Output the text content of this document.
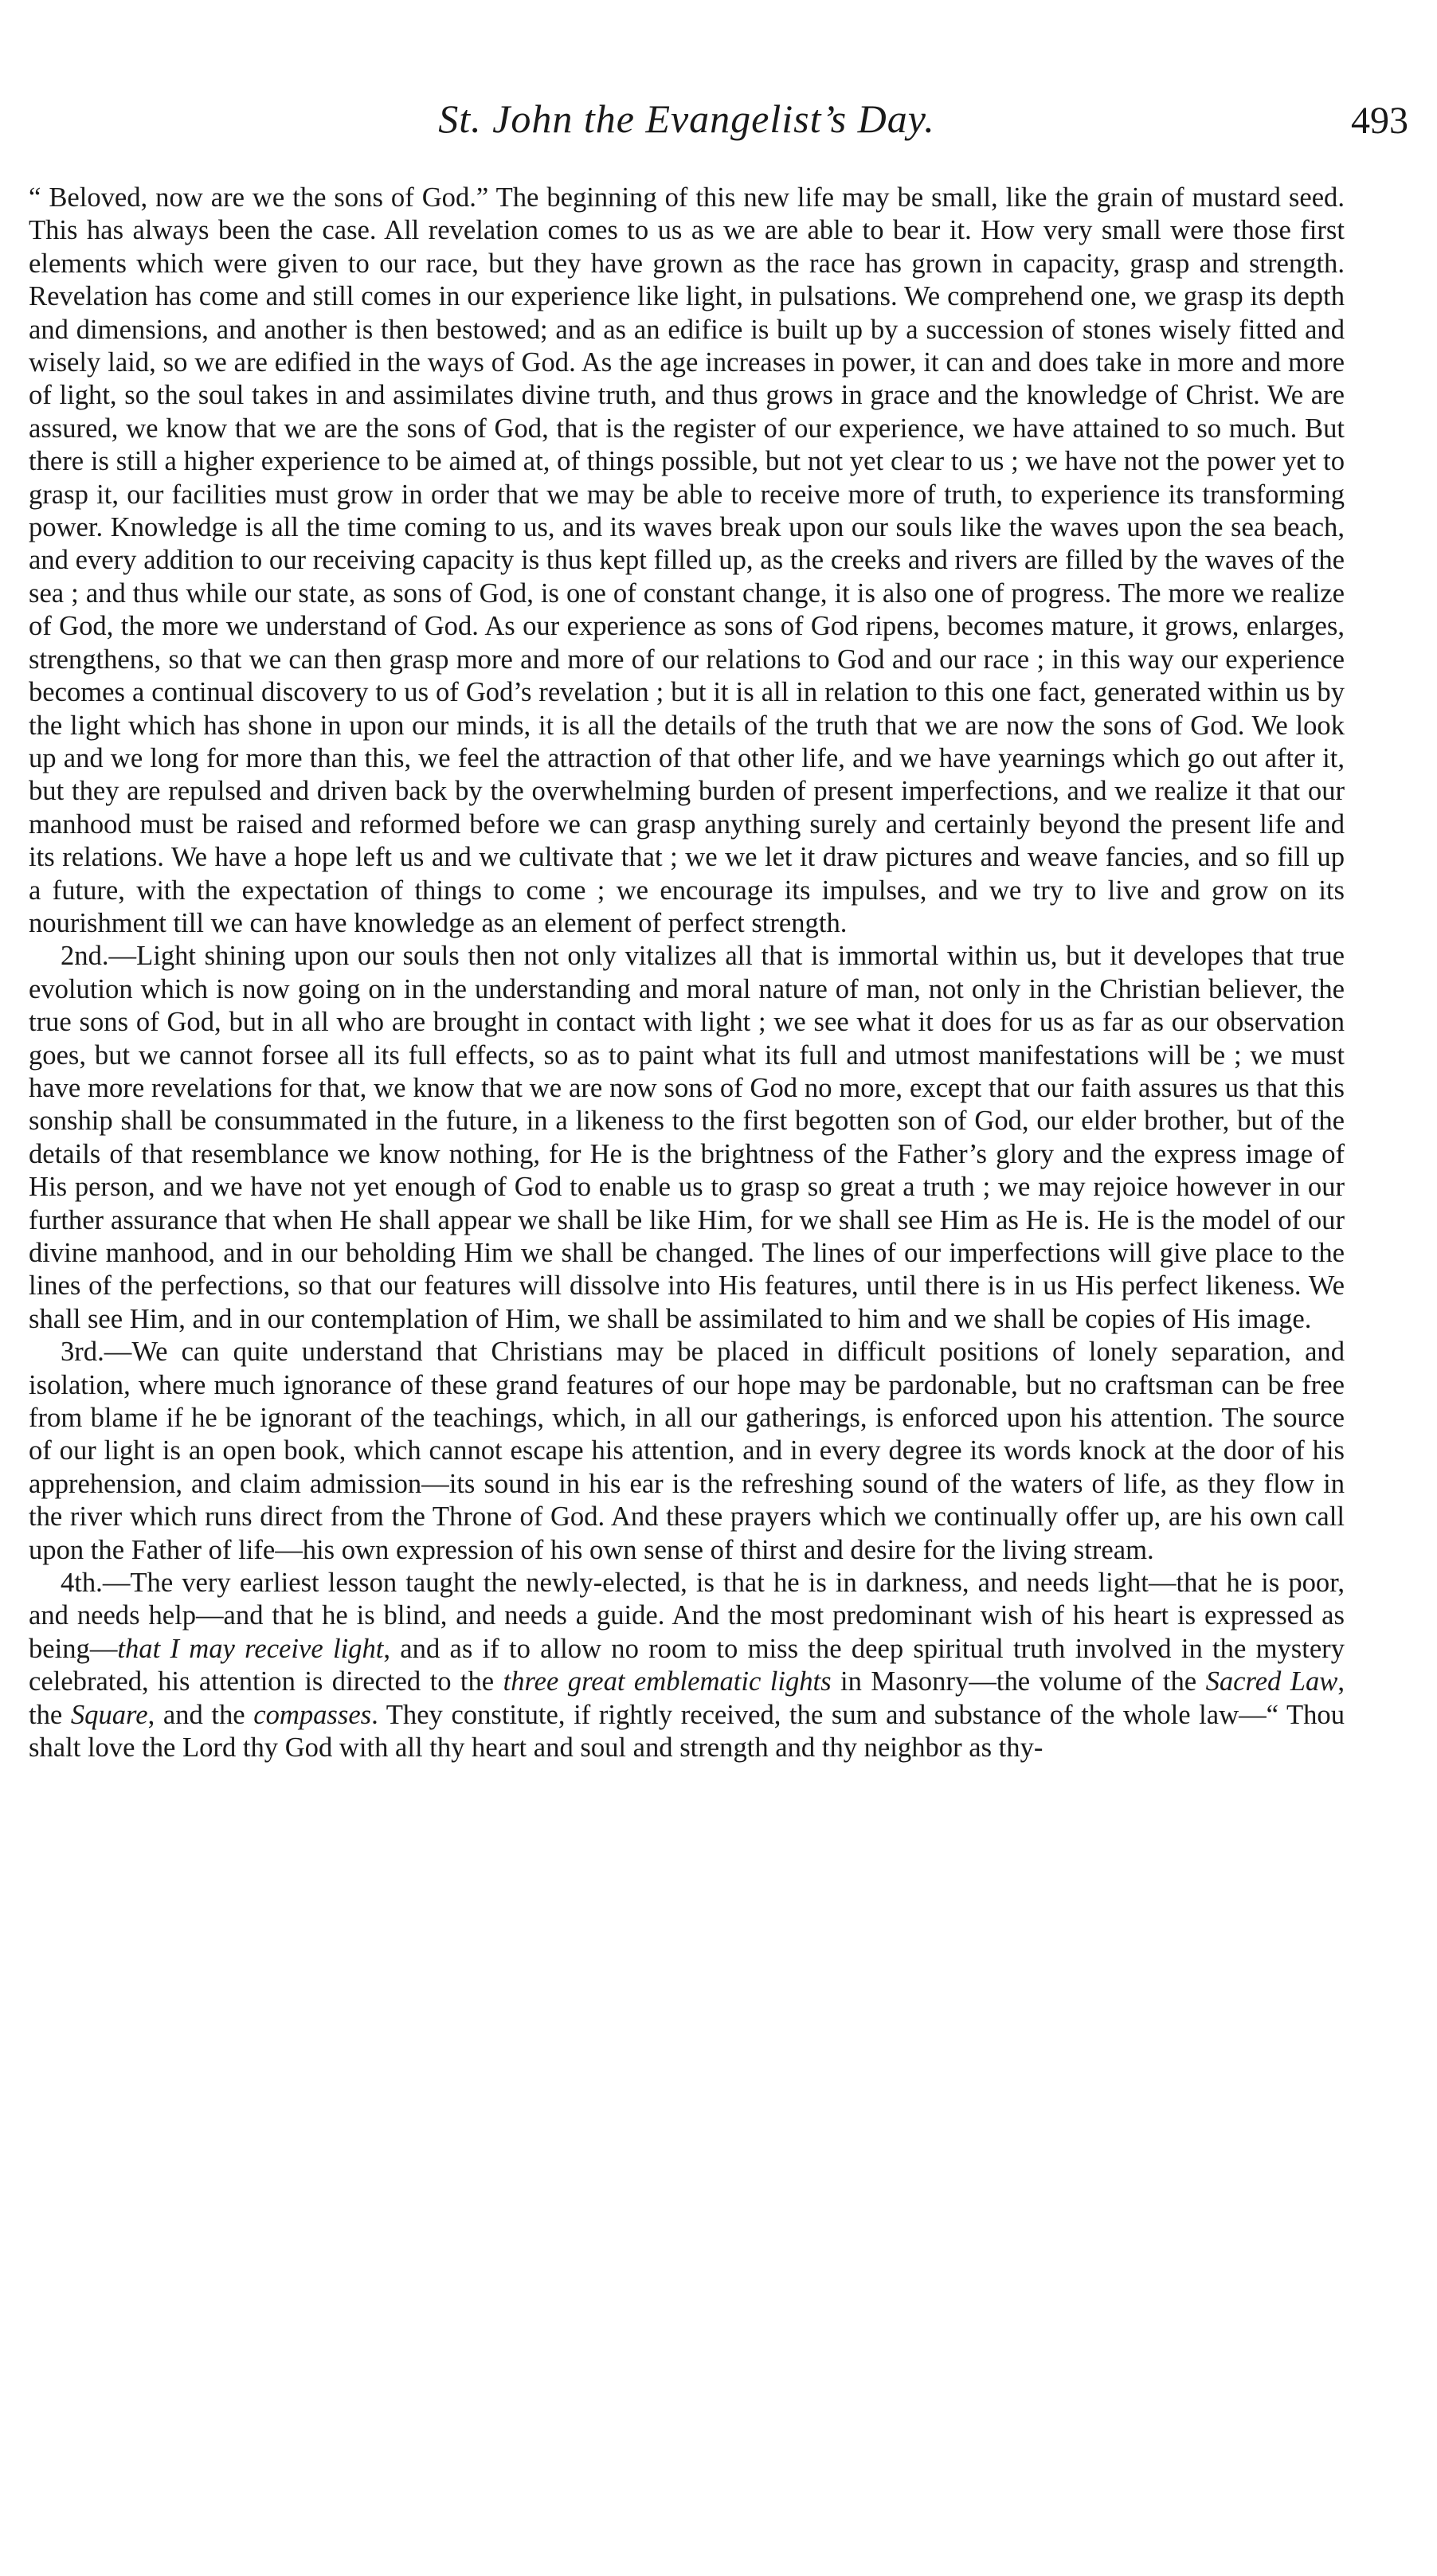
St. John the Evangelist’s Day.	493

“ Beloved, now are we the sons of God.” The beginning of this new life may be small, like the grain of mustard seed. This has always been the case. All revelation comes to us as we are able to bear it. How very small were those first elements which were given to our race, but they have grown as the race has grown in capacity, grasp and strength. Revelation has come and still comes in our experience like light, in pulsations. We comprehend one, we grasp its depth and dimensions, and another is then bestowed; and as an edifice is built up by a succession of stones wisely fitted and wisely laid, so we are edified in the ways of God. As the age increases in power, it can and does take in more and more of light, so the soul takes in and assimilates divine truth, and thus grows in grace and the knowledge of Christ. We are assured, we know that we are the sons of God, that is the register of our experience, we have attained to so much. But there is still a higher experience to be aimed at, of things possible, but not yet clear to us ; we have not the power yet to grasp it, our facilities must grow in order that we may be able to receive more of truth, to experience its transforming power. Knowledge is all the time coming to us, and its waves break upon our souls like the waves upon the sea beach, and every addition to our receiving capacity is thus kept filled up, as the creeks and rivers are filled by the waves of the sea ; and thus while our state, as sons of God, is one of constant change, it is also one of progress. The more we realize of God, the more we understand of God. As our experience as sons of God ripens, becomes mature, it grows, enlarges, strengthens, so that we can then grasp more and more of our relations to God and our race ; in this way our experience becomes a continual discovery to us of God’s revelation ; but it is all in relation to this one fact, generated within us by the light which has shone in upon our minds, it is all the details of the truth that we are now the sons of God. We look up and we long for more than this, we feel the attraction of that other life, and we have yearnings which go out after it, but they are repulsed and driven back by the overwhelming burden of present imperfections, and we realize it that our manhood must be raised and reformed before we can grasp anything surely and certainly beyond the present life and its relations. We have a hope left us and we cultivate that ; we we let it draw pictures and weave fancies, and so fill up a future, with the expectation of things to come ; we encourage its impulses, and we try to live and grow on its nourishment till we can have knowledge as an element of perfect strength.

2nd.—Light shining upon our souls then not only vitalizes all that is immortal within us, but it developes that true evolution which is now going on in the understanding and moral nature of man, not only in the Christian believer, the true sons of God, but in all who are brought in contact with light ; we see what it does for us as far as our observation goes, but we cannot forsee all its full effects, so as to paint what its full and utmost manifestations will be ; we must have more revelations for that, we know that we are now sons of God no more, except that our faith assures us that this sonship shall be consummated in the future, in a likeness to the first begotten son of God, our elder brother, but of the details of that resemblance we know nothing, for He is the brightness of the Father’s glory and the express image of His person, and we have not yet enough of God to enable us to grasp so great a truth ; we may rejoice however in our further assurance that when He shall appear we shall be like Him, for we shall see Him as He is. He is the model of our divine manhood, and in our beholding Him we shall be changed. The lines of our imperfections will give place to the lines of the perfections, so that our features will dissolve into His features, until there is in us His perfect likeness. We shall see Him, and in our contemplation of Him, we shall be assimilated to him and we shall be copies of His image.

3rd.—We can quite understand that Christians may be placed in difficult positions of lonely separation, and isolation, where much ignorance of these grand features of our hope may be pardonable, but no craftsman can be free from blame if he be ignorant of the teachings, which, in all our gatherings, is enforced upon his attention. The source of our light is an open book, which cannot escape his attention, and in every degree its words knock at the door of his apprehension, and claim admission—its sound in his ear is the refreshing sound of the waters of life, as they flow in the river which runs direct from the Throne of God. And these prayers which we continually offer up, are his own call upon the Father of life—his own expression of his own sense of thirst and desire for the living stream.

4th.—The very earliest lesson taught the newly-elected, is that he is in darkness, and needs light—that he is poor, and needs help—and that he is blind, and needs a guide. And the most predominant wish of his heart is expressed as being—that I may receive light, and as if to allow no room to miss the deep spiritual truth involved in the mystery celebrated, his attention is directed to the three great emblematic lights in Masonry—the volume of the Sacred Law, the Square, and the compasses. They constitute, if rightly received, the sum and substance of the whole law—“ Thou shalt love the Lord thy God with all thy heart and soul and strength and thy neighbor as thy-
